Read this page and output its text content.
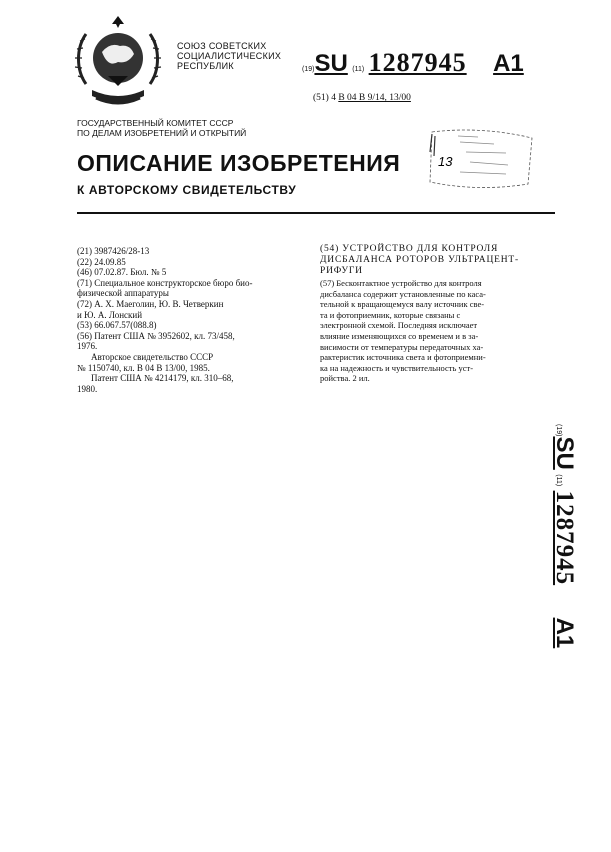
СОЮЗ СОВЕТСКИХ
СОЦИАЛИСТИЧЕСКИХ
РЕСПУБЛИК	(19)SU (11) 1287945 A1
(51) 4 B 04 B 9/14, 13/00
ГОСУДАРСТВЕННЫЙ КОМИТЕТ СССР
ПО ДЕЛАМ ИЗОБРЕТЕНИЙ И ОТКРЫТИЙ
13
ОПИСАНИЕ ИЗОБРЕТЕНИЯ
К АВТОРСКОМУ СВИДЕТЕЛЬСТВУ
(21) 3987426/28-13
(22) 24.09.85
(46) 07.02.87. Бюл. № 5
(71) Специальное конструкторское бюро био-
физической аппаратуры
(72) А. Х. Маеголин, Ю. В. Четверкин
и Ю. А. Лонский
(53) 66.067.57(088.8)
(56) Патент США № 3952602, кл. 73/458,
1976.
Авторское свидетельство СССР
№ 1150740, кл. B 04 B 13/00, 1985.
Патент США № 4214179, кл. 310–68,
1980.
(54) УСТРОЙСТВО ДЛЯ КОНТРОЛЯ
ДИСБАЛАНСА РОТОРОВ УЛЬТРАЦЕНТ-
РИФУГИ
(57) Бесконтактное устройство для контроля
дисбаланса содержит установленные по каса-
тельной к вращающемуся валу источник све-
та и фотоприемник, которые связаны с
электронной схемой. Последняя исключает
влияние изменяющихся со временем и в за-
висимости от температуры передаточных ха-
рактеристик источника света и фотоприемни-
ка на надежность и чувствительность уст-
ройства. 2 ил.
(19)SU (11) 1287945 A1
